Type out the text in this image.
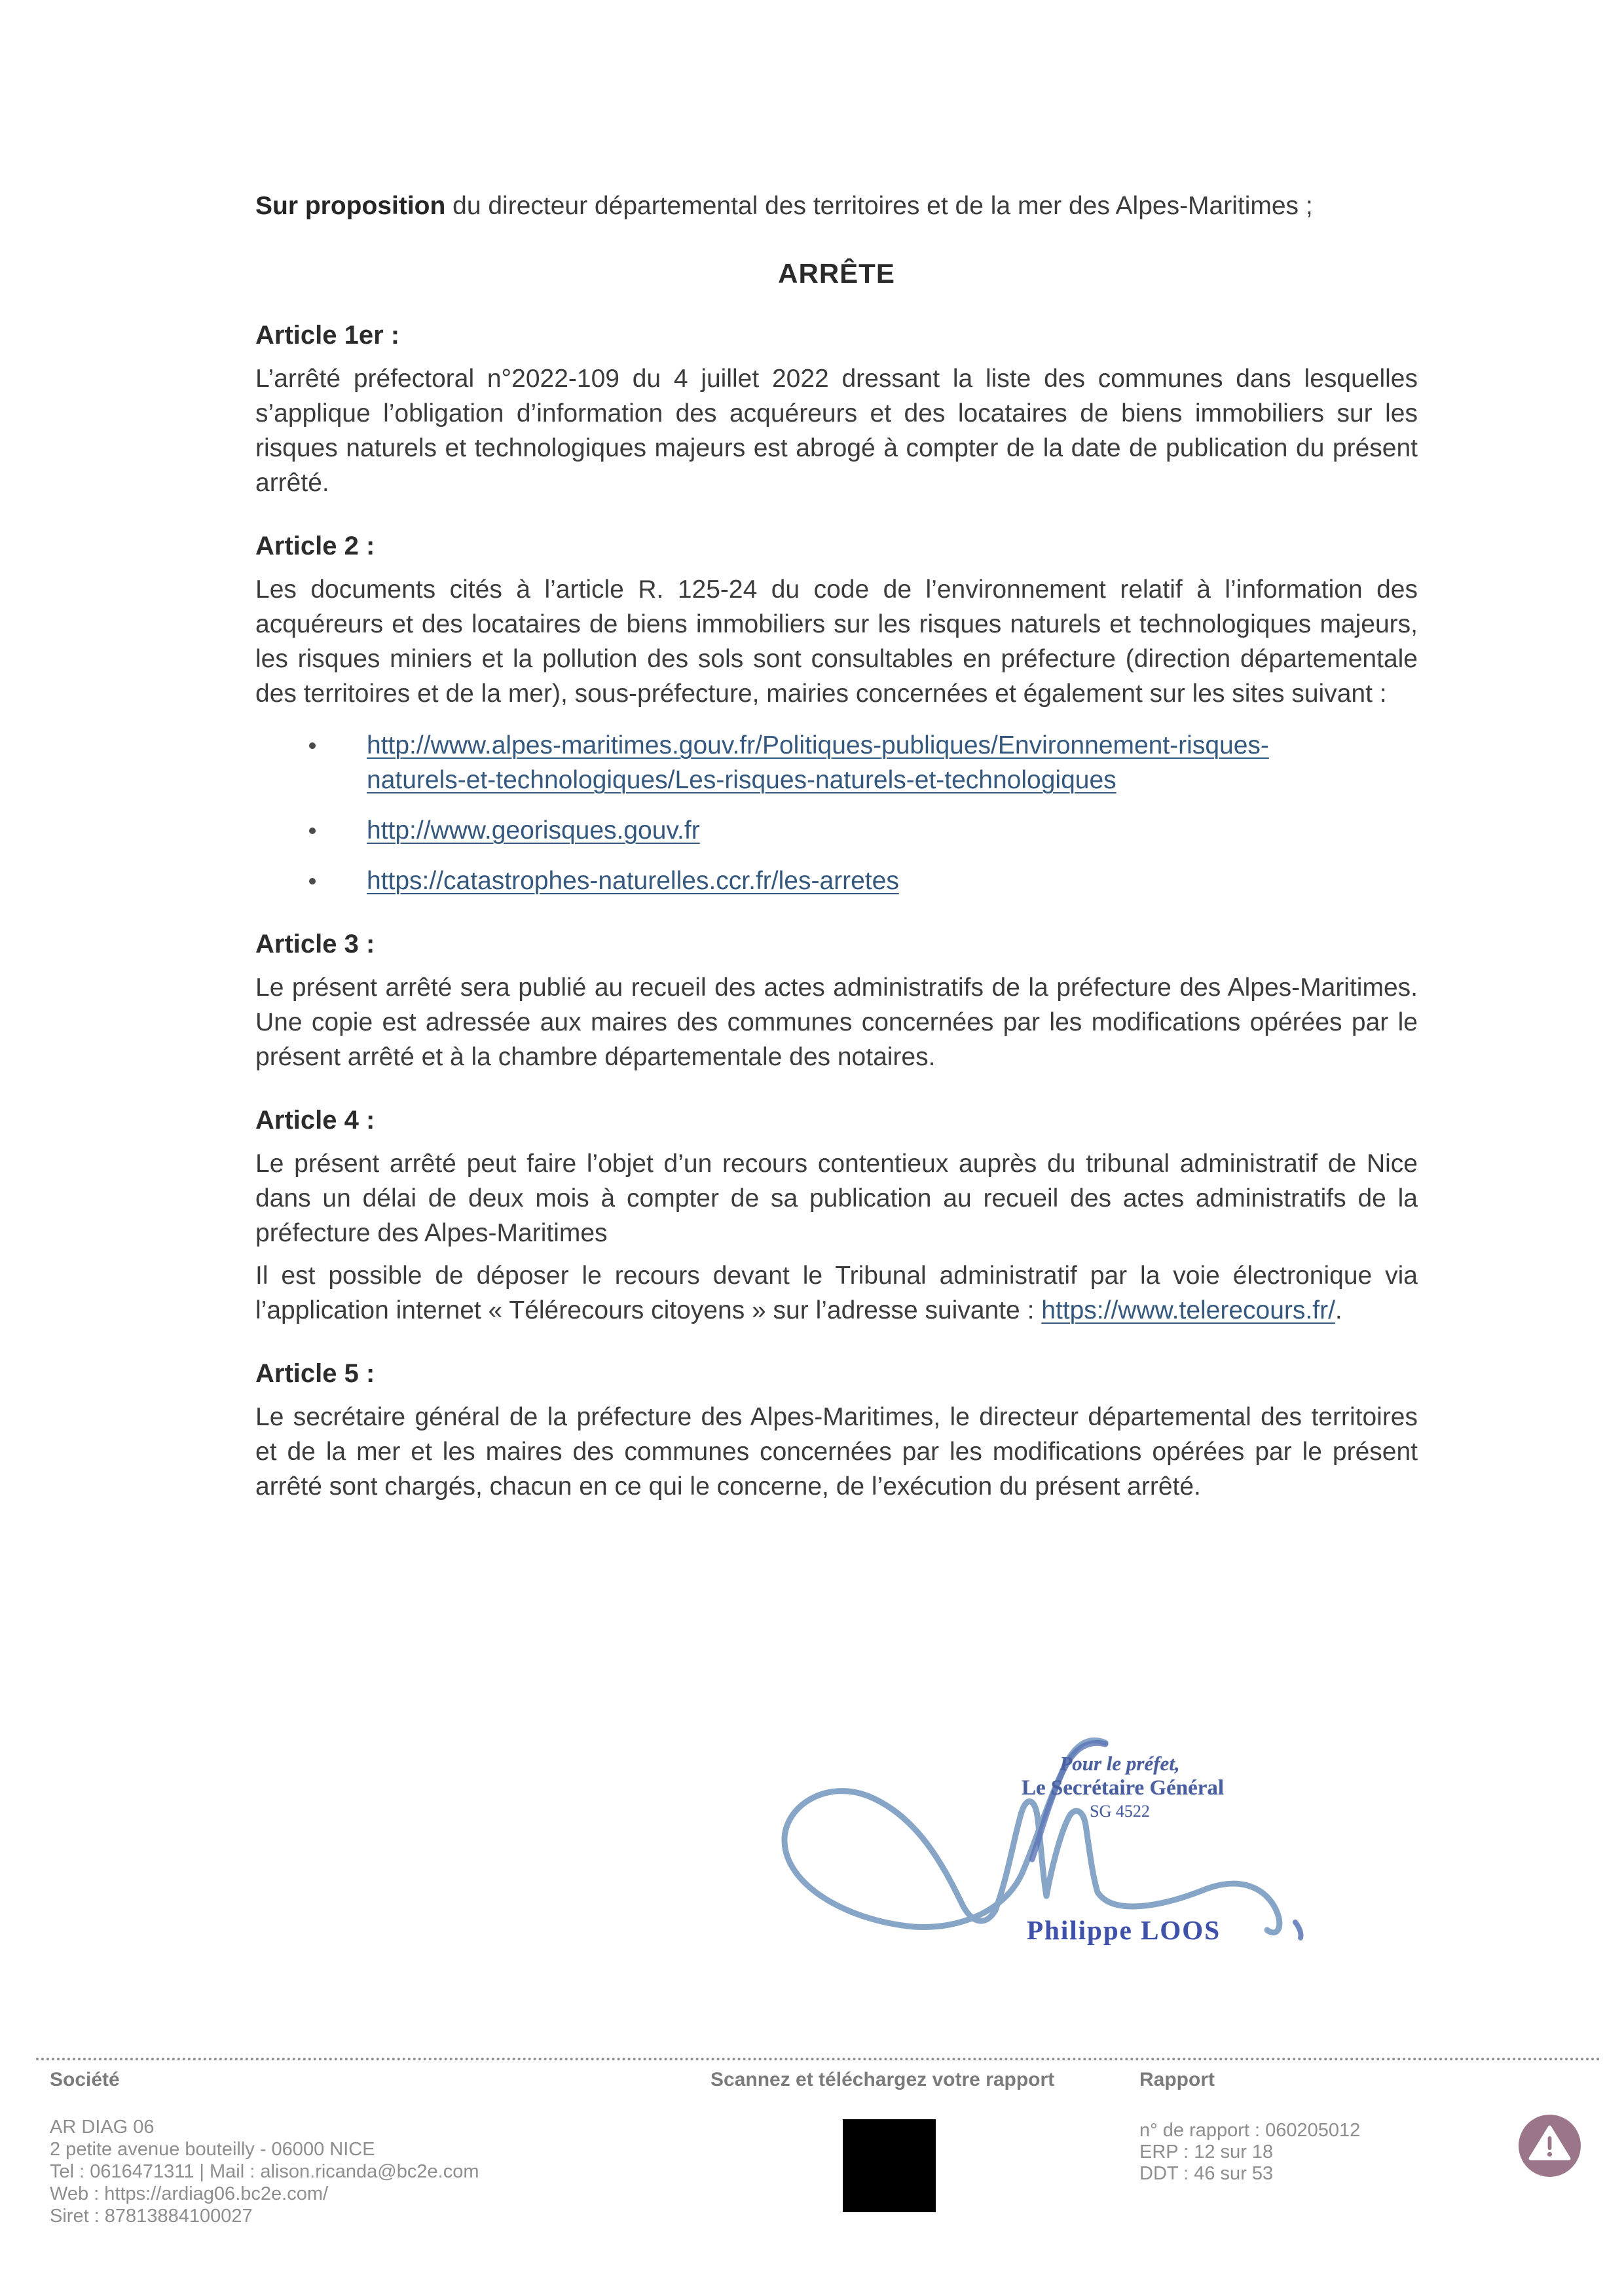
Sur proposition du directeur départemental des territoires et de la mer des Alpes-Maritimes ;

ARRÊTE
Article 1er :

L’arrêté préfectoral n°2022-109 du 4 juillet 2022 dressant la liste des communes dans lesquelles s’applique l’obligation d’information des acquéreurs et des locataires de biens immobiliers sur les risques naturels et technologiques majeurs est abrogé à compter de la date de publication du présent arrêté.

Article 2 :

Les documents cités à l’article R. 125-24 du code de l’environnement relatif à l’information des acquéreurs et des locataires de biens immobiliers sur les risques naturels et technologiques majeurs, les risques miniers et la pollution des sols sont consultables en préfecture (direction départementale des territoires et de la mer), sous-préfecture, mairies concernées et également sur les sites suivant :

http://www.alpes-maritimes.gouv.fr/Politiques-publiques/Environnement-risques-naturels-et-technologiques/Les-risques-naturels-et-technologiques
http://www.georisques.gouv.fr
https://catastrophes-naturelles.ccr.fr/les-arretes
Article 3 :

Le présent arrêté sera publié au recueil des actes administratifs de la préfecture des Alpes-Maritimes. Une copie est adressée aux maires des communes concernées par les modifications opérées par le présent arrêté et à la chambre départementale des notaires.

Article 4 :

Le présent arrêté peut faire l’objet d’un recours contentieux auprès du tribunal administratif de Nice dans un délai de deux mois à compter de sa publication au recueil des actes administratifs de la préfecture des Alpes-Maritimes

Il est possible de déposer le recours devant le Tribunal administratif par la voie électronique via l’application internet « Télérecours citoyens » sur l’adresse suivante : https://www.telerecours.fr/.

Article 5 :

Le secrétaire général de la préfecture des Alpes-Maritimes, le directeur départemental des territoires et de la mer et les maires des communes concernées par les modifications opérées par le présent arrêté sont chargés, chacun en ce qui le concerne, de l’exécution du présent arrêté.

Pour le préfet,
Le Secrétaire Général
SG 4522
Philippe LOOS
Société
AR DIAG 06
2 petite avenue bouteilly - 06000 NICE
Tel : 0616471311 | Mail : alison.ricanda@bc2e.com
Web : https://ardiag06.bc2e.com/
Siret : 87813884100027
Scannez et téléchargez votre rapport	Rapport
n° de rapport : 060205012
ERP : 12 sur 18
DDT : 46 sur 53
